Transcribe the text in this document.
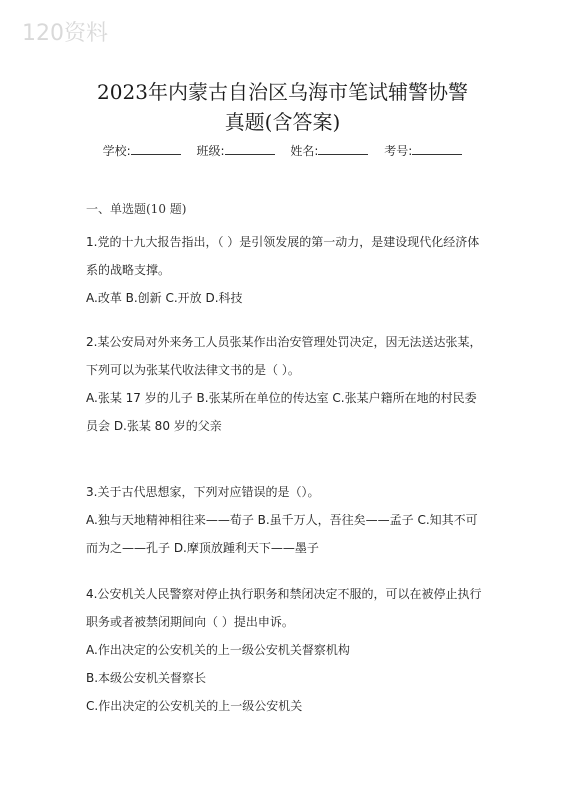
120资料
2023年内蒙古自治区乌海市笔试辅警协警
真题(含答案)
学校:	班级:	姓名:	考号:
一、单选题(10 题)
1.党的十九大报告指出，（ ）是引领发展的第一动力，是建设现代化经济体系的战略支撑。
A.改革 B.创新 C.开放 D.科技
2.某公安局对外来务工人员张某作出治安管理处罚决定，因无法送达张某，下列可以为张某代收法律文书的是（ ）。
A.张某 17 岁的儿子 B.张某所在单位的传达室 C.张某户籍所在地的村民委员会 D.张某 80 岁的父亲
3.关于古代思想家，下列对应错误的是（）。
A.独与天地精神相往来——荀子 B.虽千万人，吾往矣——孟子 C.知其不可而为之——孔子 D.摩顶放踵利天下——墨子
4.公安机关人民警察对停止执行职务和禁闭决定不服的，可以在被停止执行职务或者被禁闭期间向（ ）提出申诉。
A.作出决定的公安机关的上一级公安机关督察机构
B.本级公安机关督察长
C.作出决定的公安机关的上一级公安机关
